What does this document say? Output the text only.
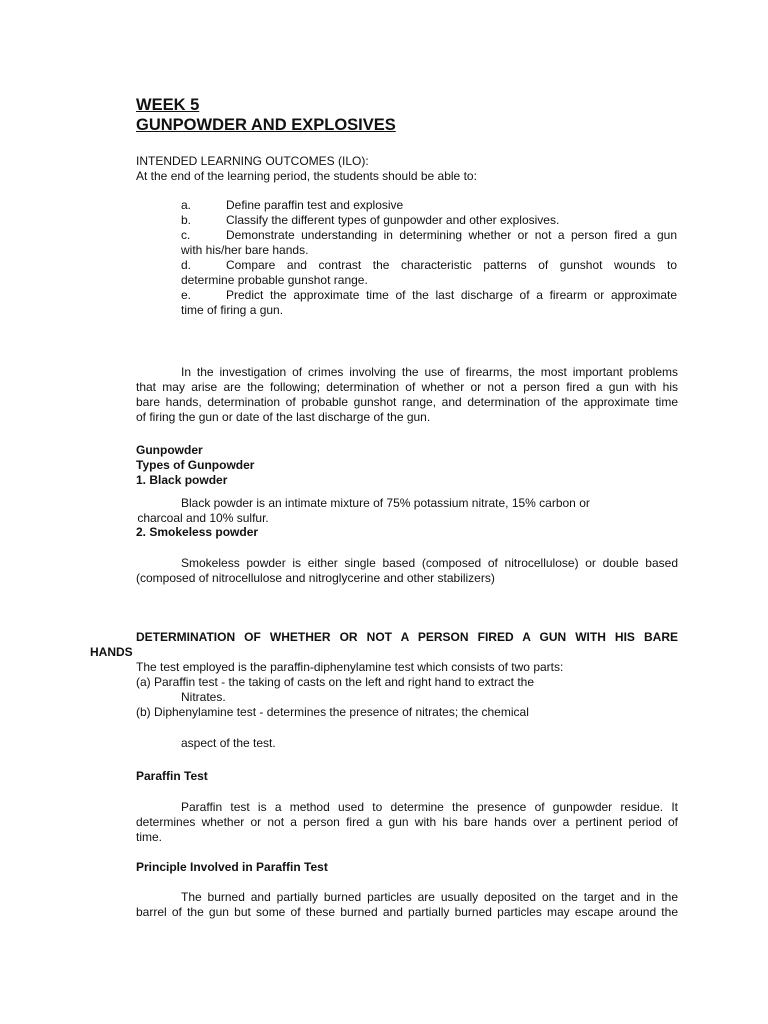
WEEK 5
GUNPOWDER AND EXPLOSIVES
INTENDED LEARNING OUTCOMES (ILO):
At the end of the learning period, the students should be able to:
a.	Define paraffin test and explosive
b.	Classify the different types of gunpowder and other explosives.
c.	Demonstrate understanding in determining whether or not a person fired a gun
with his/her bare hands.
d.	Compare and contrast the characteristic patterns of gunshot wounds to
determine probable gunshot range.
e.	Predict the approximate time of the last discharge of a firearm or approximate
time of firing a gun.
In the investigation of crimes involving the use of firearms, the most important problems
that may arise are the following; determination of whether or not a person fired a gun with his
bare hands, determination of probable gunshot range, and determination of the approximate time
of firing the gun or date of the last discharge of the gun.
Gunpowder
Types of Gunpowder
1. Black powder
Black powder is an intimate mixture of 75% potassium nitrate, 15% carbon or
charcoal and 10% sulfur.
2. Smokeless powder
Smokeless powder is either single based (composed of nitrocellulose) or double based
(composed of nitrocellulose and nitroglycerine and other stabilizers)
DETERMINATION OF WHETHER OR NOT A PERSON FIRED A GUN WITH HIS BARE
HANDS
The test employed is the paraffin-diphenylamine test which consists of two parts:
(a) Paraffin test - the taking of casts on the left and right hand to extract the
Nitrates.
(b) Diphenylamine test - determines the presence of nitrates; the chemical
aspect of the test.
Paraffin Test
Paraffin test is a method used to determine the presence of gunpowder residue. It
determines whether or not a person fired a gun with his bare hands over a pertinent period of
time.
Principle Involved in Paraffin Test
The burned and partially burned particles are usually deposited on the target and in the
barrel of the gun but some of these burned and partially burned particles may escape around the
